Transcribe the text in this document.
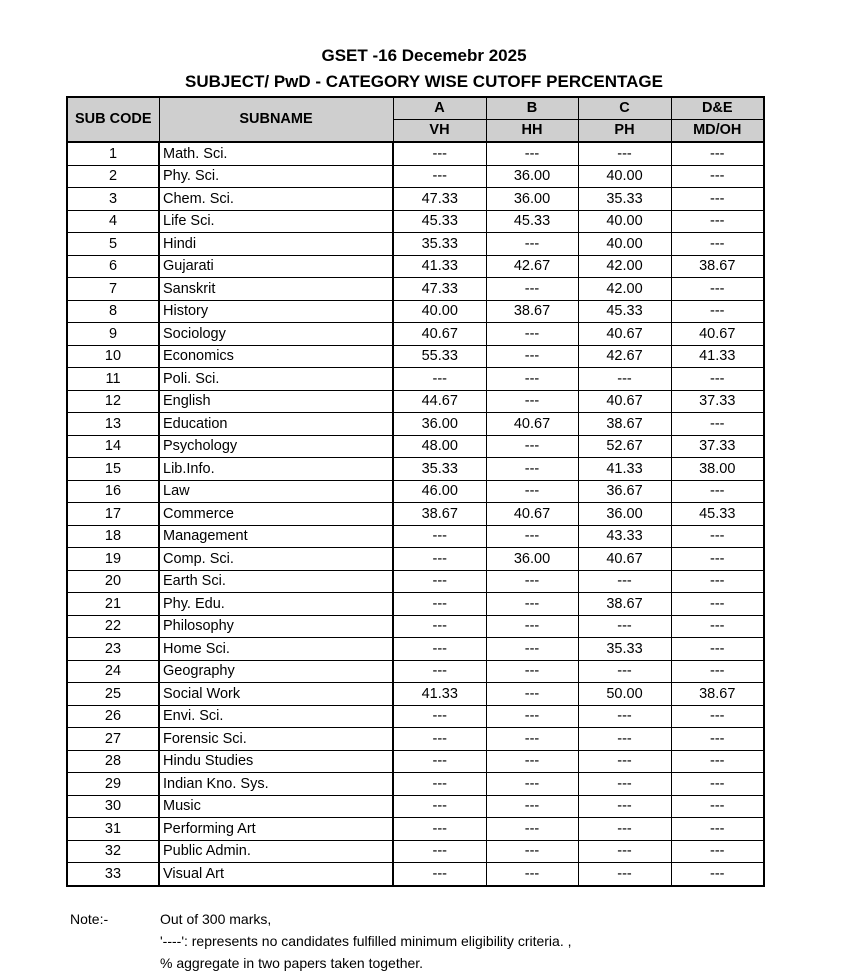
GSET -16 Decemebr 2025
SUBJECT/ PwD - CATEGORY WISE CUTOFF PERCENTAGE
SUB CODE	SUBNAME	A	B	C	D&E
		VH	HH	PH	MD/OH
1	Math. Sci.	---	---	---	---
2	Phy. Sci.	---	36.00	40.00	---
3	Chem. Sci.	47.33	36.00	35.33	---
4	Life Sci.	45.33	45.33	40.00	---
5	Hindi	35.33	---	40.00	---
6	Gujarati	41.33	42.67	42.00	38.67
7	Sanskrit	47.33	---	42.00	---
8	History	40.00	38.67	45.33	---
9	Sociology	40.67	---	40.67	40.67
10	Economics	55.33	---	42.67	41.33
11	Poli. Sci.	---	---	---	---
12	English	44.67	---	40.67	37.33
13	Education	36.00	40.67	38.67	---
14	Psychology	48.00	---	52.67	37.33
15	Lib.Info.	35.33	---	41.33	38.00
16	Law	46.00	---	36.67	---
17	Commerce	38.67	40.67	36.00	45.33
18	Management	---	---	43.33	---
19	Comp. Sci.	---	36.00	40.67	---
20	Earth Sci.	---	---	---	---
21	Phy. Edu.	---	---	38.67	---
22	Philosophy	---	---	---	---
23	Home Sci.	---	---	35.33	---
24	Geography	---	---	---	---
25	Social Work	41.33	---	50.00	38.67
26	Envi. Sci.	---	---	---	---
27	Forensic Sci.	---	---	---	---
28	Hindu Studies	---	---	---	---
29	Indian Kno. Sys.	---	---	---	---
30	Music	---	---	---	---
31	Performing Art	---	---	---	---
32	Public Admin.	---	---	---	---
33	Visual Art	---	---	---	---
Note:-	Out of 300 marks,
'----': represents no candidates fulfilled minimum eligibility criteria. ,
% aggregate in two papers taken together.
